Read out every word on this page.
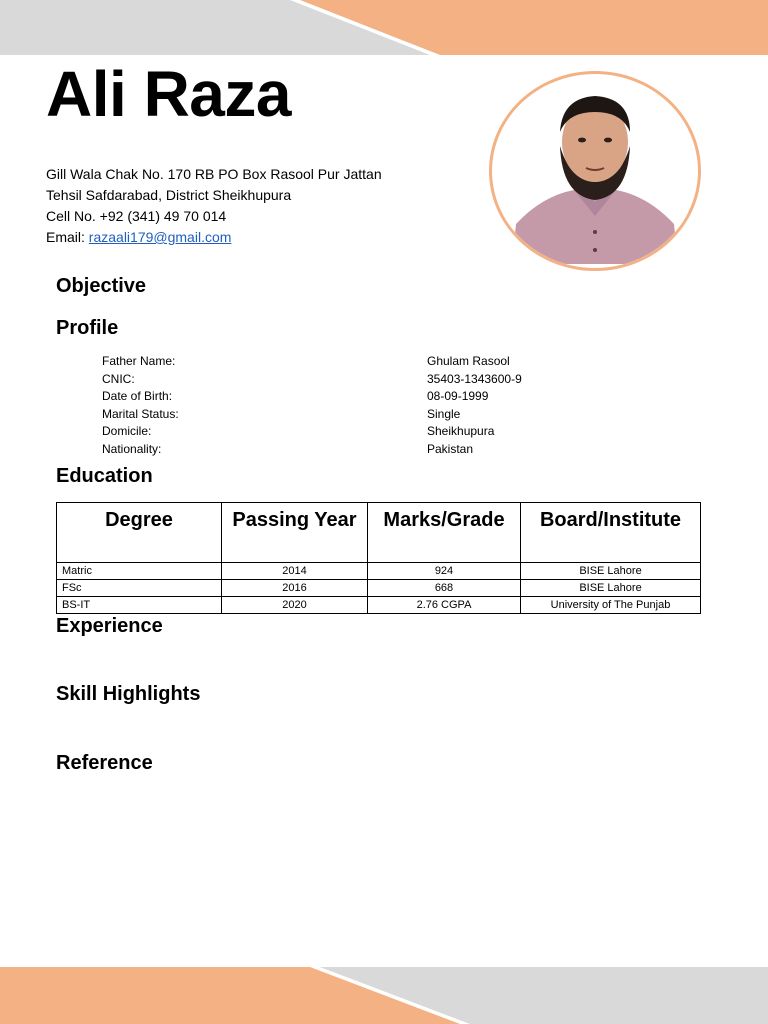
Ali Raza
Gill Wala Chak No. 170 RB PO Box Rasool Pur Jattan
Tehsil Safdarabad, District Sheikhupura
Cell No. +92 (341) 49 70 014
Email: razaali179@gmail.com
Objective
Profile
Father Name:	Ghulam Rasool
CNIC:	35403-1343600-9
Date of Birth:	08-09-1999
Marital Status:	Single
Domicile:	Sheikhupura
Nationality:	Pakistan
Education
Degree	Passing Year	Marks/Grade	Board/Institute
Matric	2014	924	BISE Lahore
FSc	2016	668	BISE Lahore
BS-IT	2020	2.76 CGPA	University of The Punjab
Experience
Skill Highlights
Reference
